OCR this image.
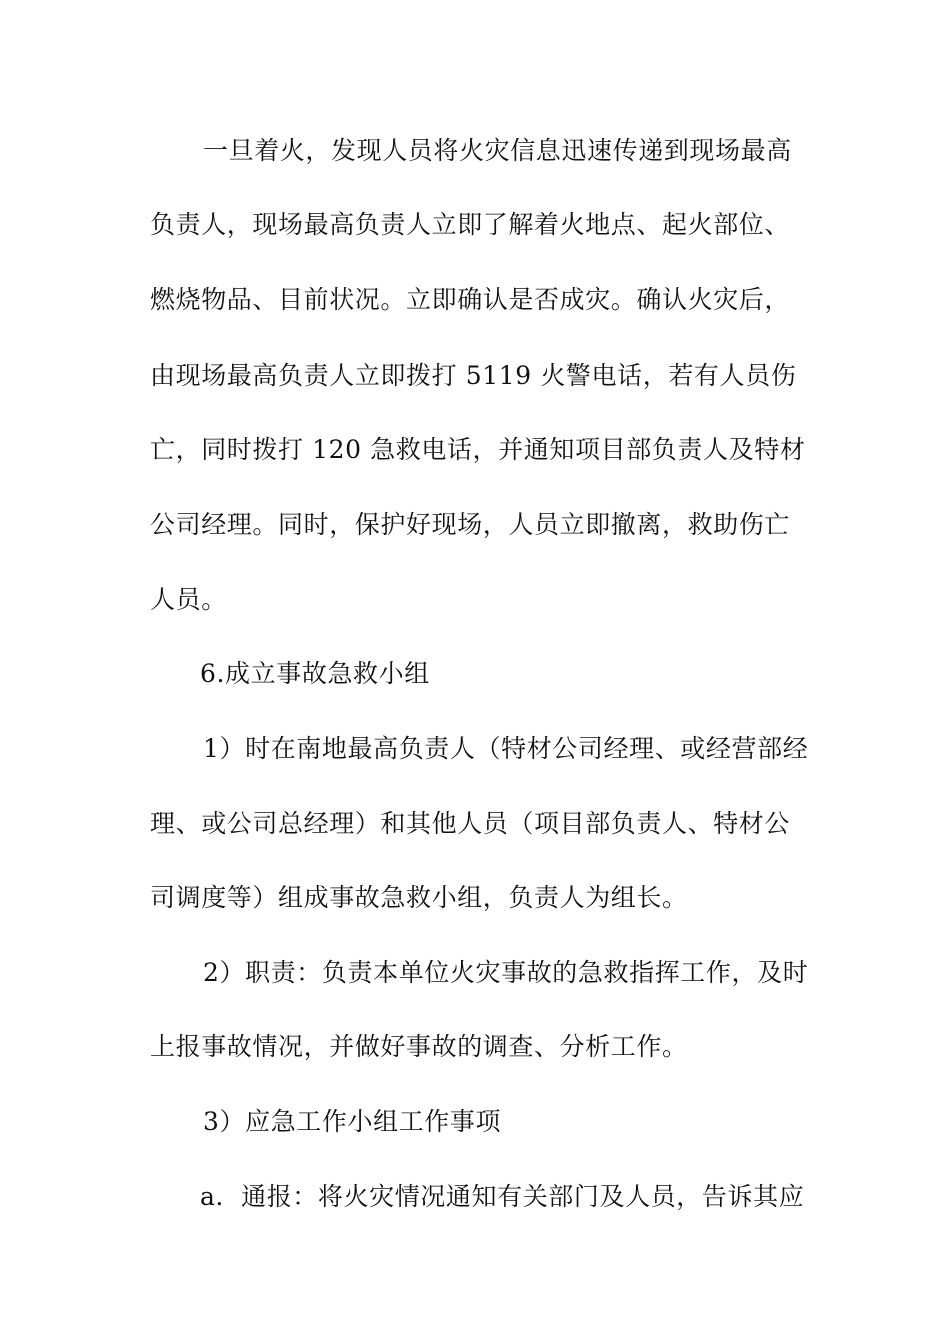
一旦着火，发现人员将火灾信息迅速传递到现场最高
负责人，现场最高负责人立即了解着火地点、起火部位、
燃烧物品、目前状况。立即确认是否成灾。确认火灾后，
由现场最高负责人立即拨打 5119 火警电话，若有人员伤
亡，同时拨打 120 急救电话，并通知项目部负责人及特材
公司经理。同时，保护好现场，人员立即撤离，救助伤亡
人员。
6.成立事故急救小组
1）时在南地最高负责人（特材公司经理、或经营部经
理、或公司总经理）和其他人员（项目部负责人、特材公
司调度等）组成事故急救小组，负责人为组长。
2）职责：负责本单位火灾事故的急救指挥工作，及时
上报事故情况，并做好事故的调查、分析工作。
3）应急工作小组工作事项
a．通报：将火灾情况通知有关部门及人员，告诉其应
